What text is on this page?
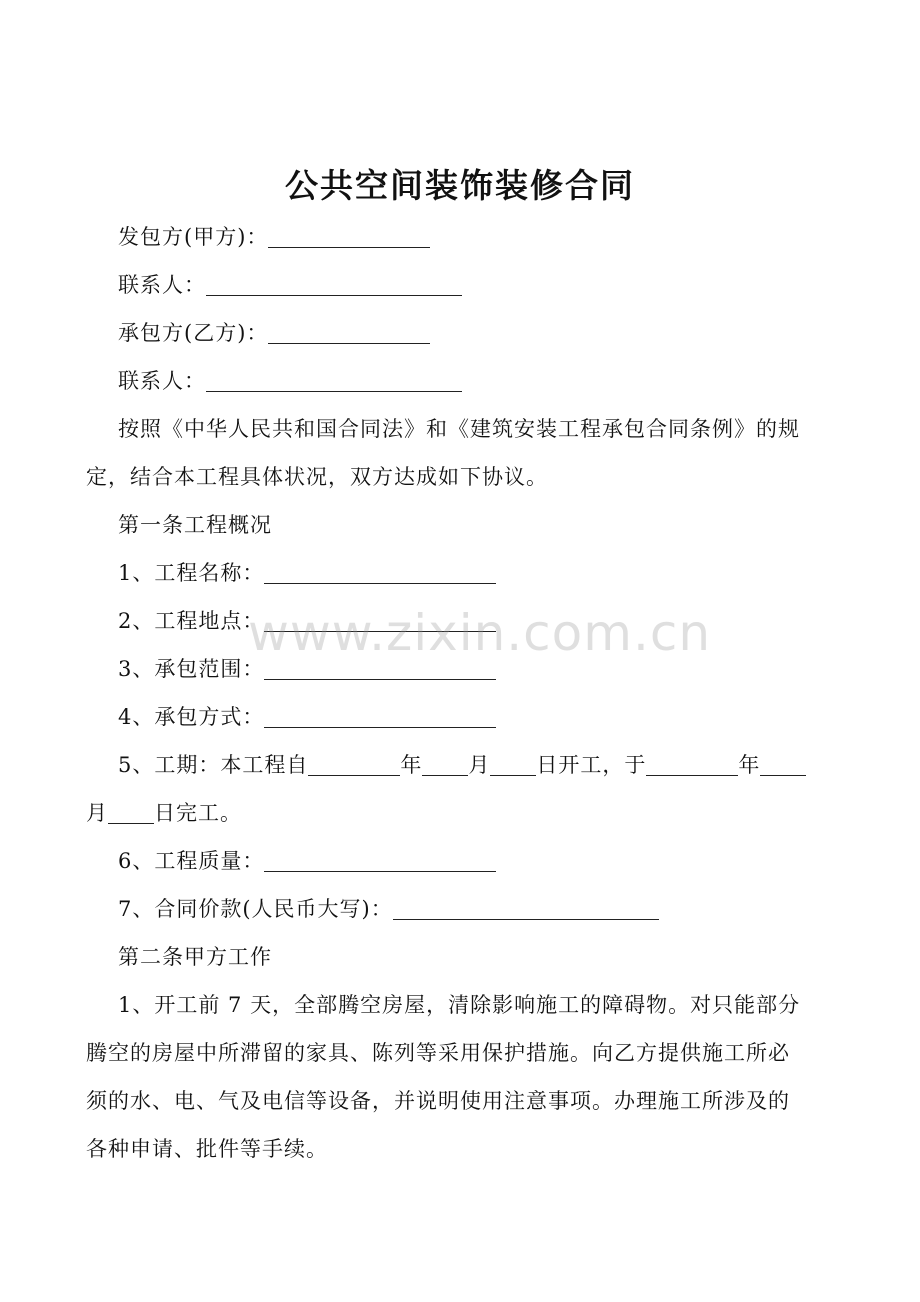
公共空间装饰装修合同
发包方(甲方)：
联系人：
承包方(乙方)：
联系人：
按照《中华人民共和国合同法》和《建筑安装工程承包合同条例》的规
定，结合本工程具体状况，双方达成如下协议。
第一条工程概况
1、工程名称：
2、工程地点：
3、承包范围：
4、承包方式：
5、工期：本工程自	年 月 日开工，于	年
月 日完工。
6、工程质量：
7、合同价款(人民币大写)：
第二条甲方工作
1、开工前 7 天，全部腾空房屋，清除影响施工的障碍物。对只能部分
腾空的房屋中所滞留的家具、陈列等采用保护措施。向乙方提供施工所必
须的水、电、气及电信等设备，并说明使用注意事项。办理施工所涉及的
各种申请、批件等手续。
www.zixin.com.cn
